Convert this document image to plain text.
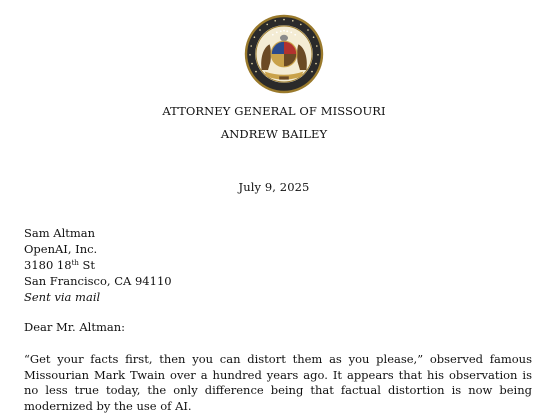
ATTORNEY GENERAL OF MISSOURI
ANDREW BAILEY
July 9, 2025
Sam Altman
OpenAI, Inc.
3180 18th St
San Francisco, CA 94110
Sent via mail
Dear Mr. Altman:
“Get your facts first, then you can distort them as you please,” observed famous
Missourian Mark Twain over a hundred years ago. It appears that his observation is
no less true today, the only difference being that factual distortion is now being
modernized by the use of AI.
